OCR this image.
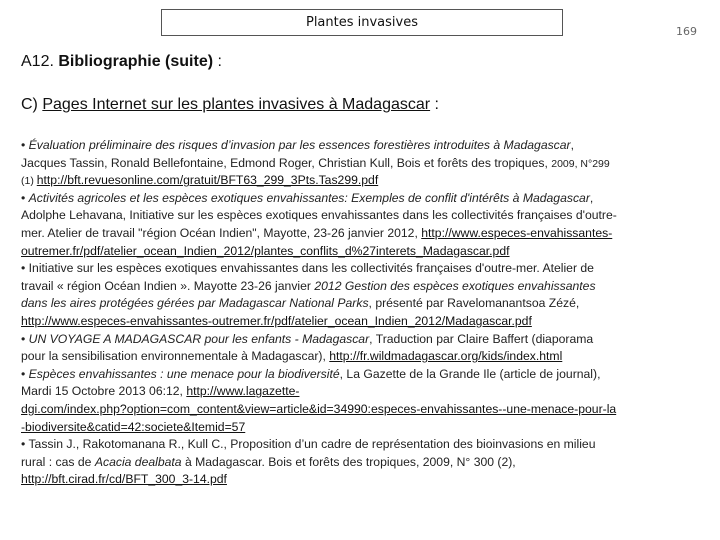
Plantes invasives
169
A12. Bibliographie (suite) :
C) Pages Internet sur les plantes invasives à Madagascar :
• Évaluation préliminaire des risques d’invasion par les essences forestières introduites à Madagascar,
Jacques Tassin, Ronald Bellefontaine, Edmond Roger, Christian Kull, Bois et forêts des tropiques, 2009, N°299
(1) http://bft.revuesonline.com/gratuit/BFT63_299_3Pts.Tas299.pdf
• Activités agricoles et les espèces exotiques envahissantes: Exemples de conflit d'intérêts à Madagascar,
Adolphe Lehavana, Initiative sur les espèces exotiques envahissantes dans les collectivités françaises d'outre-
mer. Atelier de travail "région Océan Indien", Mayotte, 23-26 janvier 2012, http://www.especes-envahissantes-
outremer.fr/pdf/atelier_ocean_Indien_2012/plantes_conflits_d%27interets_Madagascar.pdf
• Initiative sur les espèces exotiques envahissantes dans les collectivités françaises d'outre-mer. Atelier de
travail « région Océan Indien ». Mayotte 23-26 janvier 2012 Gestion des espèces exotiques envahissantes
dans les aires protégées gérées par Madagascar National Parks, présenté par Ravelomanantsoa Zézé,
http://www.especes-envahissantes-outremer.fr/pdf/atelier_ocean_Indien_2012/Madagascar.pdf
• UN VOYAGE A MADAGASCAR pour les enfants - Madagascar, Traduction par Claire Baffert (diaporama
pour la sensibilisation environnementale à Madagascar), http://fr.wildmadagascar.org/kids/index.html
• Espèces envahissantes : une menace pour la biodiversité, La Gazette de la Grande Ile (article de journal),
Mardi 15 Octobre 2013 06:12, http://www.lagazette-
dgi.com/index.php?option=com_content&view=article&id=34990:especes-envahissantes--une-menace-pour-la
-biodiversite&catid=42:societe&Itemid=57
• Tassin J., Rakotomanana R., Kull C., Proposition d’un cadre de représentation des bioinvasions en milieu
rural : cas de Acacia dealbata à Madagascar. Bois et forêts des tropiques, 2009, N° 300 (2),
http://bft.cirad.fr/cd/BFT_300_3-14.pdf
